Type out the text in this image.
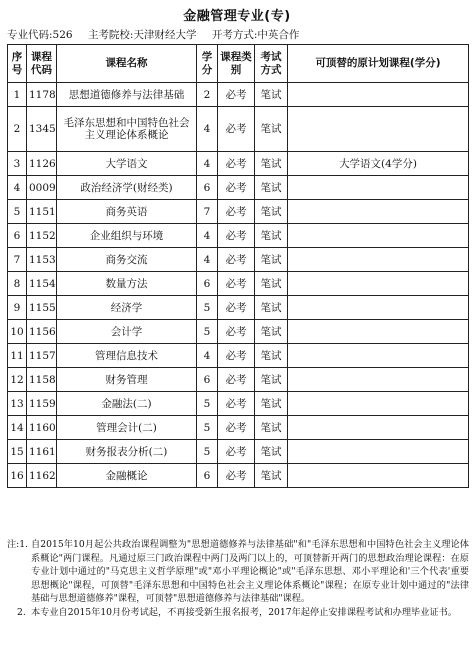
金融管理专业(专)
专业代码:526 主考院校:天津财经大学 开考方式:中英合作
序号	课程代码	课程名称	学分	课程类别	考试方式	可顶替的原计划课程(学分)
1	1178	思想道德修养与法律基础	2	必考	笔试	
2	1345	毛泽东思想和中国特色社会主义理论体系概论	4	必考	笔试	
3	1126	大学语文	4	必考	笔试	大学语文(4学分)
4	0009	政治经济学(财经类)	6	必考	笔试	
5	1151	商务英语	7	必考	笔试	
6	1152	企业组织与环境	4	必考	笔试	
7	1153	商务交流	4	必考	笔试	
8	1154	数量方法	6	必考	笔试	
9	1155	经济学	5	必考	笔试	
10	1156	会计学	5	必考	笔试	
11	1157	管理信息技术	4	必考	笔试	
12	1158	财务管理	6	必考	笔试	
13	1159	金融法(二)	5	必考	笔试	
14	1160	管理会计(二)	5	必考	笔试	
15	1161	财务报表分析(二)	5	必考	笔试	
16	1162	金融概论	6	必考	笔试	
注:1. 自2015年10月起公共政治课程调整为"思想道德修养与法律基础"和"毛泽东思想和中国特色社会主义理论体系概论"两门课程。凡通过原三门政治课程中两门及两门以上的，可顶替新开两门的思想政治理论课程：在原专业计划中通过的"马克思主义哲学原理"或"邓小平理论概论"或"毛泽东思想、邓小平理论和'三个代表'重要思想概论"课程，可顶替"毛泽东思想和中国特色社会主义理论体系概论"课程；在原专业计划中通过的"法律基础与思想道德修养"课程，可顶替"思想道德修养与法律基础"课程。
2. 本专业自2015年10月份考试起，不再接受新生报名报考，2017年起停止安排课程考试和办理毕业证书。
